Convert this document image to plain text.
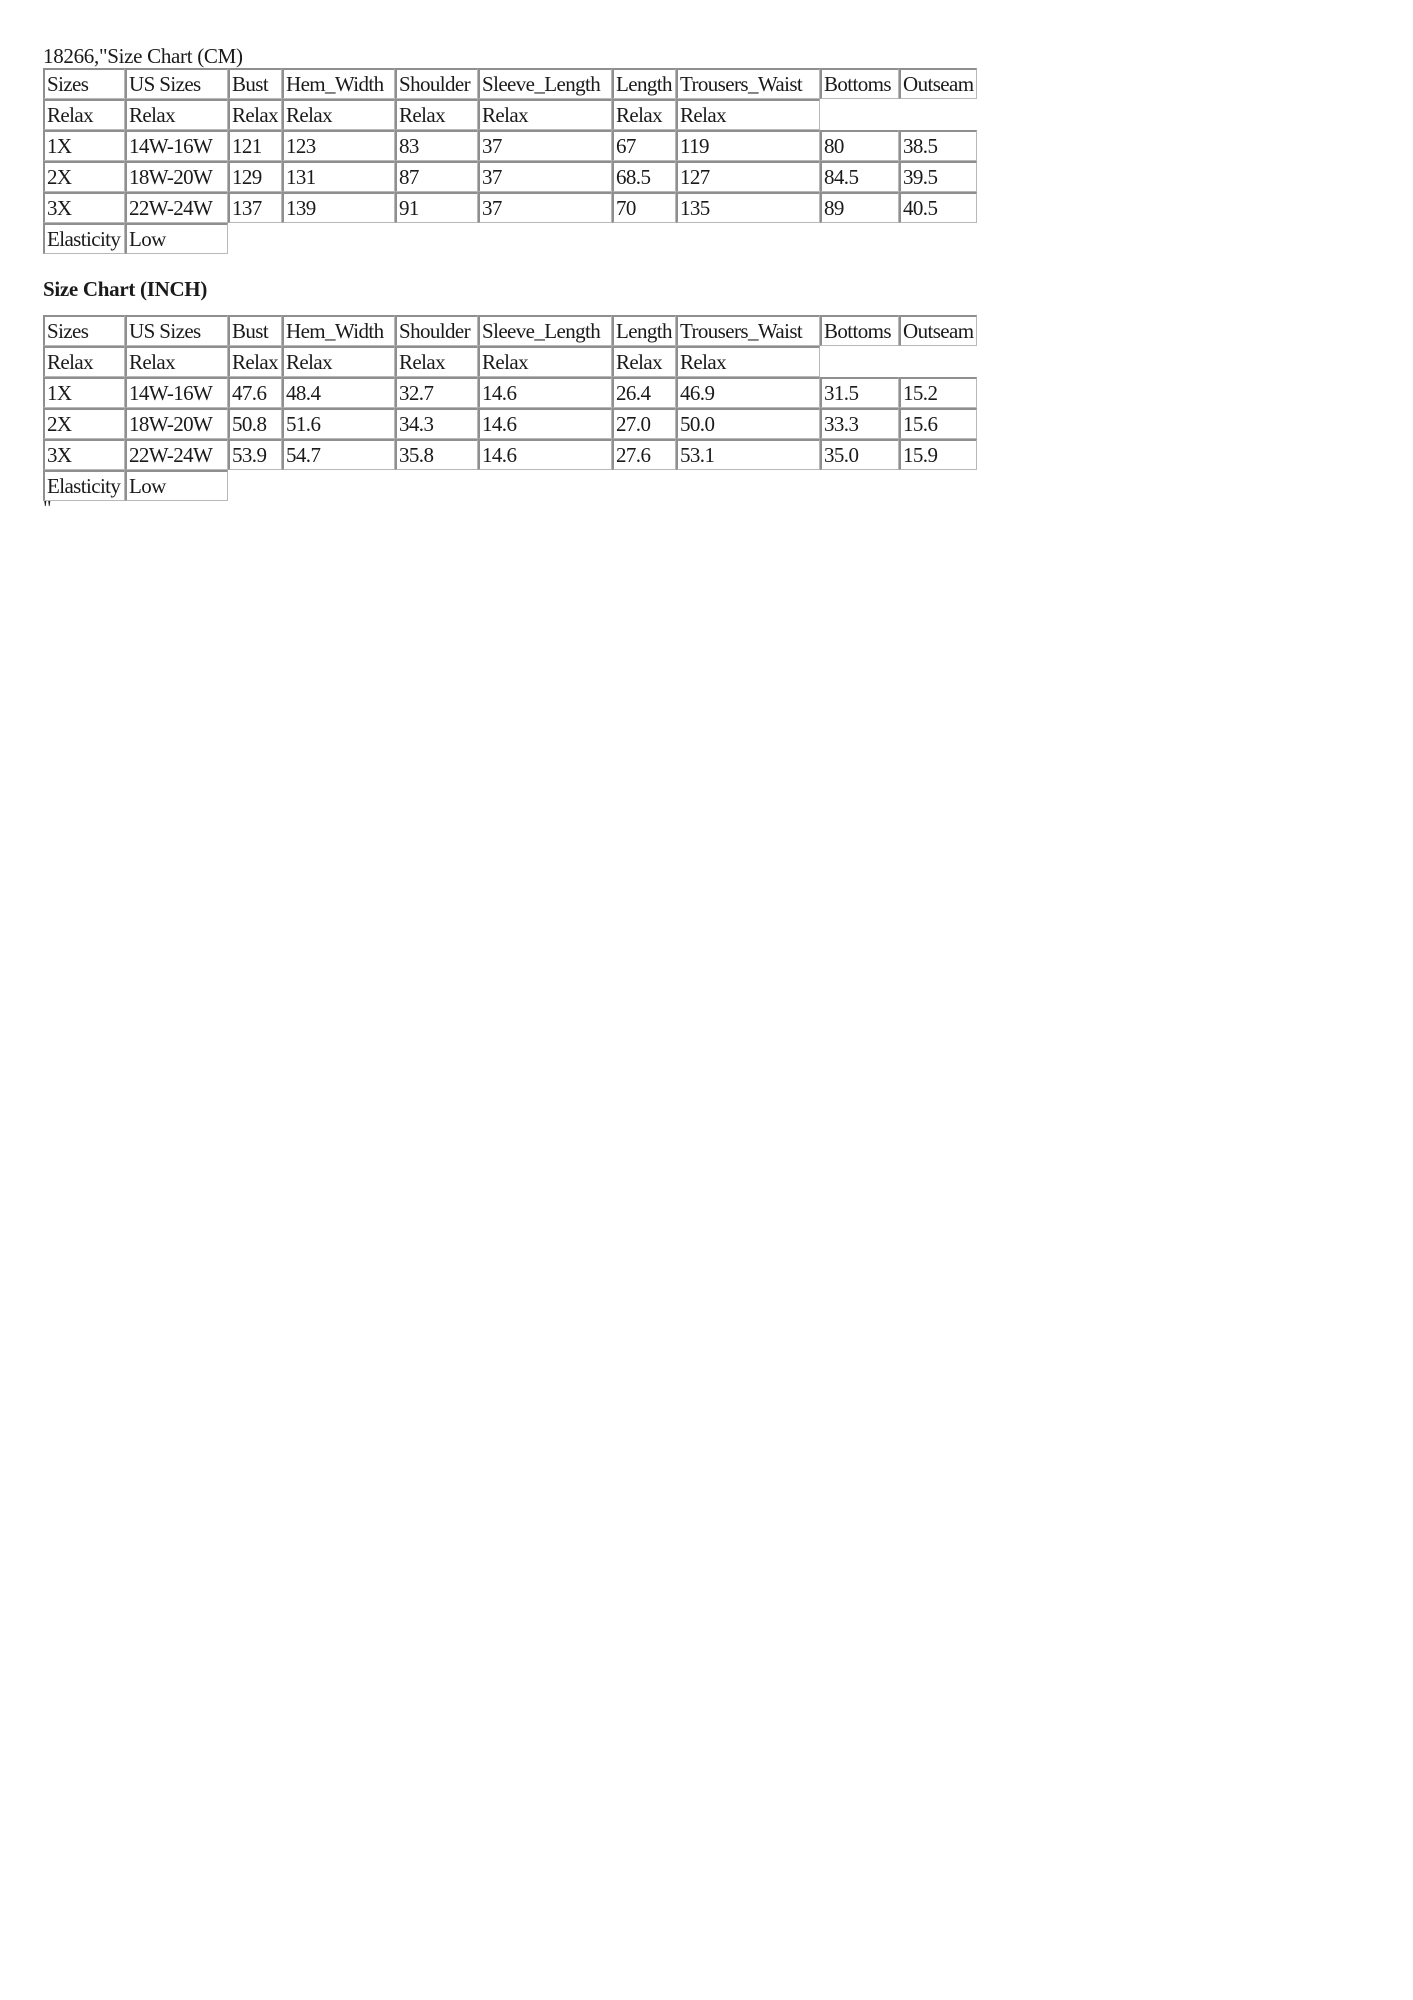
18266,"Size Chart (CM)
Sizes	US Sizes	Bust	Hem_Width	Shoulder	Sleeve_Length	Length	Trousers_Waist	Bottoms	Outseam
Relax	Relax	Relax	Relax	Relax	Relax	Relax	Relax		
1X	14W-16W	121	123	83	37	67	119	80	38.5
2X	18W-20W	129	131	87	37	68.5	127	84.5	39.5
3X	22W-24W	137	139	91	37	70	135	89	40.5
Elasticity	Low								
Size Chart (INCH)
Sizes	US Sizes	Bust	Hem_Width	Shoulder	Sleeve_Length	Length	Trousers_Waist	Bottoms	Outseam
Relax	Relax	Relax	Relax	Relax	Relax	Relax	Relax		
1X	14W-16W	47.6	48.4	32.7	14.6	26.4	46.9	31.5	15.2
2X	18W-20W	50.8	51.6	34.3	14.6	27.0	50.0	33.3	15.6
3X	22W-24W	53.9	54.7	35.8	14.6	27.6	53.1	35.0	15.9
Elasticity	Low								
"
